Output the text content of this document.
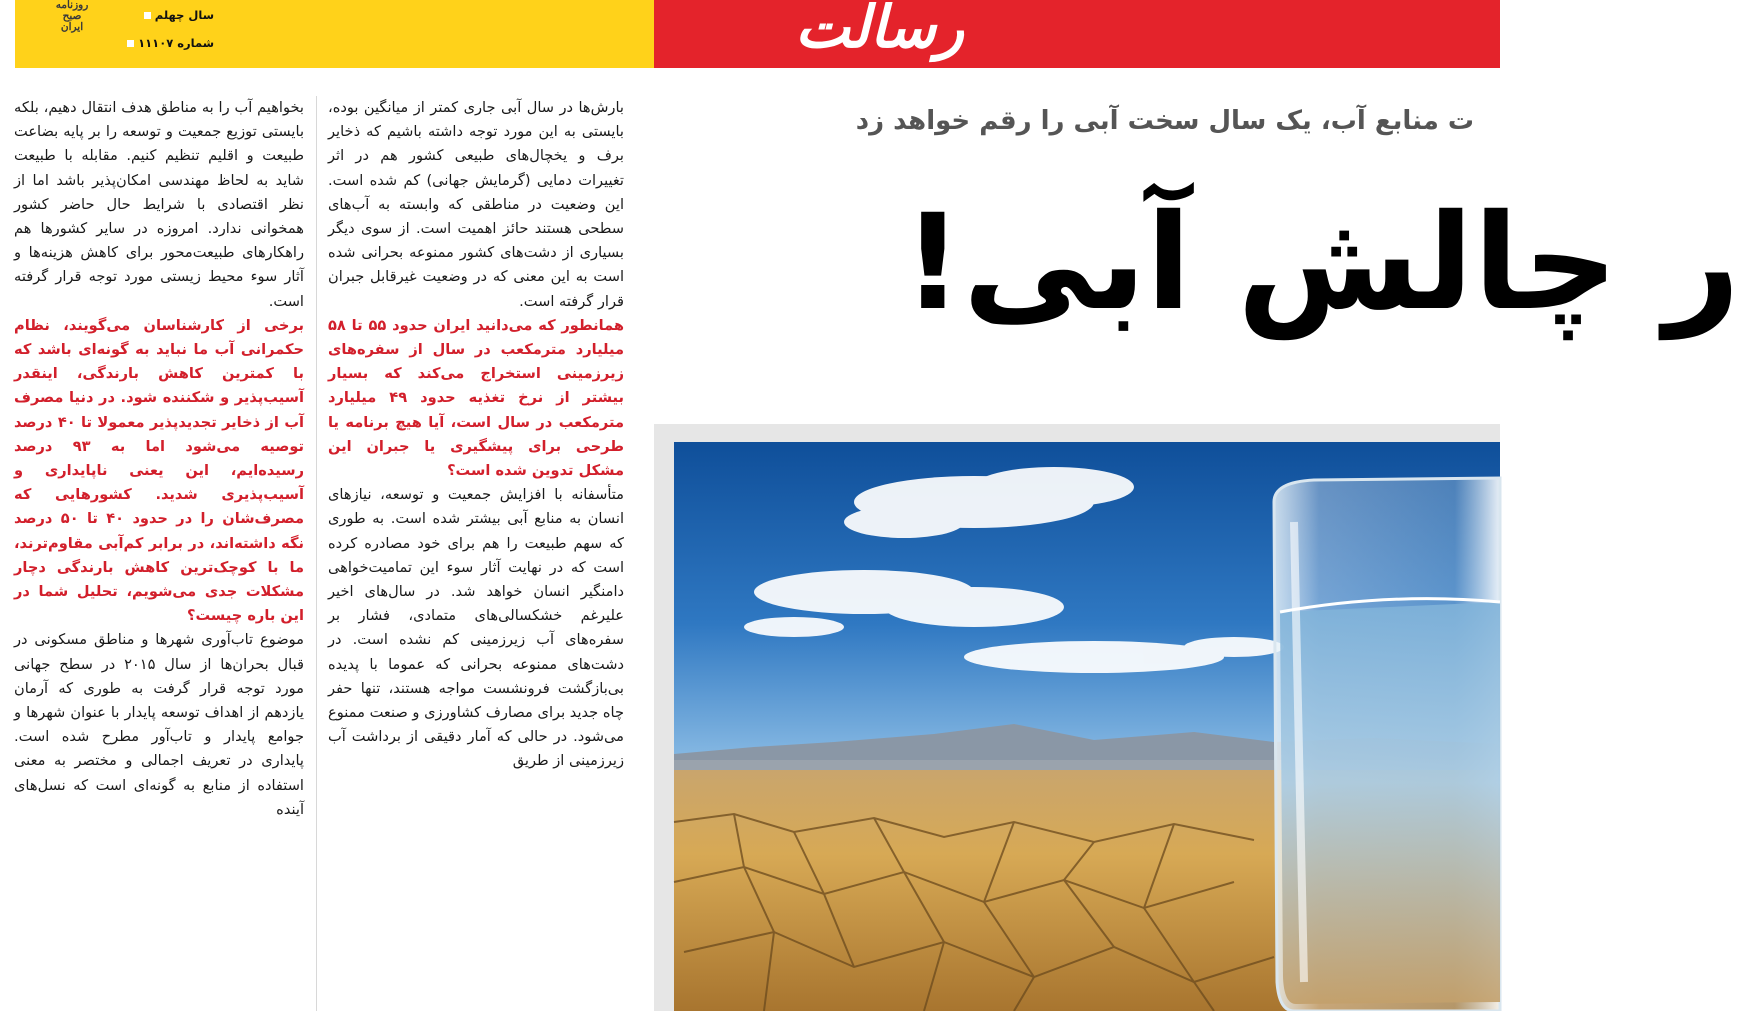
روزنامه
صبح
ایران
سال چهلم
شماره ۱۱۱۰۷	رسالت

بارش‌ها در سال آبی جاری کمتر از میانگین بوده، بایستی به این مورد توجه داشته باشیم که ذخایر برف و یخچال‌های طبیعی کشور هم در اثر تغییرات دمایی (گرمایش جهانی) کم شده است. این وضعیت در مناطقی که وابسته به آب‌های سطحی هستند حائز اهمیت است. از سوی دیگر بسیاری از دشت‌های کشور ممنوعه بحرانی شده است به این معنی که در وضعیت غیرقابل جبران قرار گرفته است.

همانطور که می‌دانید ایران حدود ۵۵ تا ۵۸ میلیارد مترمکعب در سال از سفره‌های زیرزمینی استخراج می‌کند که بسیار بیشتر از نرخ تغذیه حدود ۴۹ میلیارد مترمکعب در سال است، آیا هیچ برنامه یا طرحی برای پیشگیری یا جبران این مشکل تدوین شده است؟

متأسفانه با افزایش جمعیت و توسعه، نیازهای انسان به منابع آبی بیشتر شده است. به طوری که سهم طبیعت را هم برای خود مصادره کرده است که در نهایت آثار سوء این تمامیت‌خواهی دامنگیر انسان خواهد شد. در سال‌های اخیر علیرغم خشکسالی‌های متمادی، فشار بر سفره‌های آب زیرزمینی کم نشده است. در دشت‌های ممنوعه بحرانی که عموما با پدیده بی‌بازگشت فرونشست مواجه هستند، تنها حفر چاه جدید برای مصارف کشاورزی و صنعت ممنوع می‌شود. در حالی که آمار دقیقی از برداشت آب زیرزمینی از طریق

بخواهیم آب را به مناطق هدف انتقال دهیم، بلکه بایستی توزیع جمعیت و توسعه را بر پایه بضاعت طبیعت و اقلیم تنظیم کنیم. مقابله با طبیعت شاید به لحاظ مهندسی امکان‌پذیر باشد اما از نظر اقتصادی با شرایط حال حاضر کشور همخوانی ندارد. امروزه در سایر کشورها هم راهکارهای طبیعت‌محور برای کاهش هزینه‌ها و آثار سوء محیط زیستی مورد توجه قرار گرفته است.

برخی از کارشناسان می‌گویند، نظام حکمرانی آب ما نباید به گونه‌ای باشد که با کمترین کاهش بارندگی، اینقدر آسیب‌پذیر و شکننده شود. در دنیا مصرف آب از ذخایر تجدیدپذیر معمولا تا ۴۰ درصد توصیه می‌شود اما به ۹۳ درصد رسیده‌ایم، این یعنی ناپایداری و آسیب‌پذیری شدید. کشورهایی که مصرف‌شان را در حدود ۴۰ تا ۵۰ درصد نگه داشته‌اند، در برابر کم‌آبی مقاوم‌ترند، ما با کوچک‌ترین کاهش بارندگی دچار مشکلات جدی می‌شویم، تحلیل شما در این باره چیست؟

موضوع تاب‌آوری شهرها و مناطق مسکونی در قبال بحران‌ها از سال ۲۰۱۵ در سطح جهانی مورد توجه قرار گرفت به طوری که آرمان یازدهم از اهداف توسعه پایدار با عنوان شهرها و جوامع پایدار و تاب‌آور مطرح شده است. پایداری در تعریف اجمالی و مختصر به معنی استفاده از منابع به گونه‌ای است که نسل‌های آینده

ت منابع آب، یک سال سخت آبی را رقم خواهد زد
ر چالش آبی!
